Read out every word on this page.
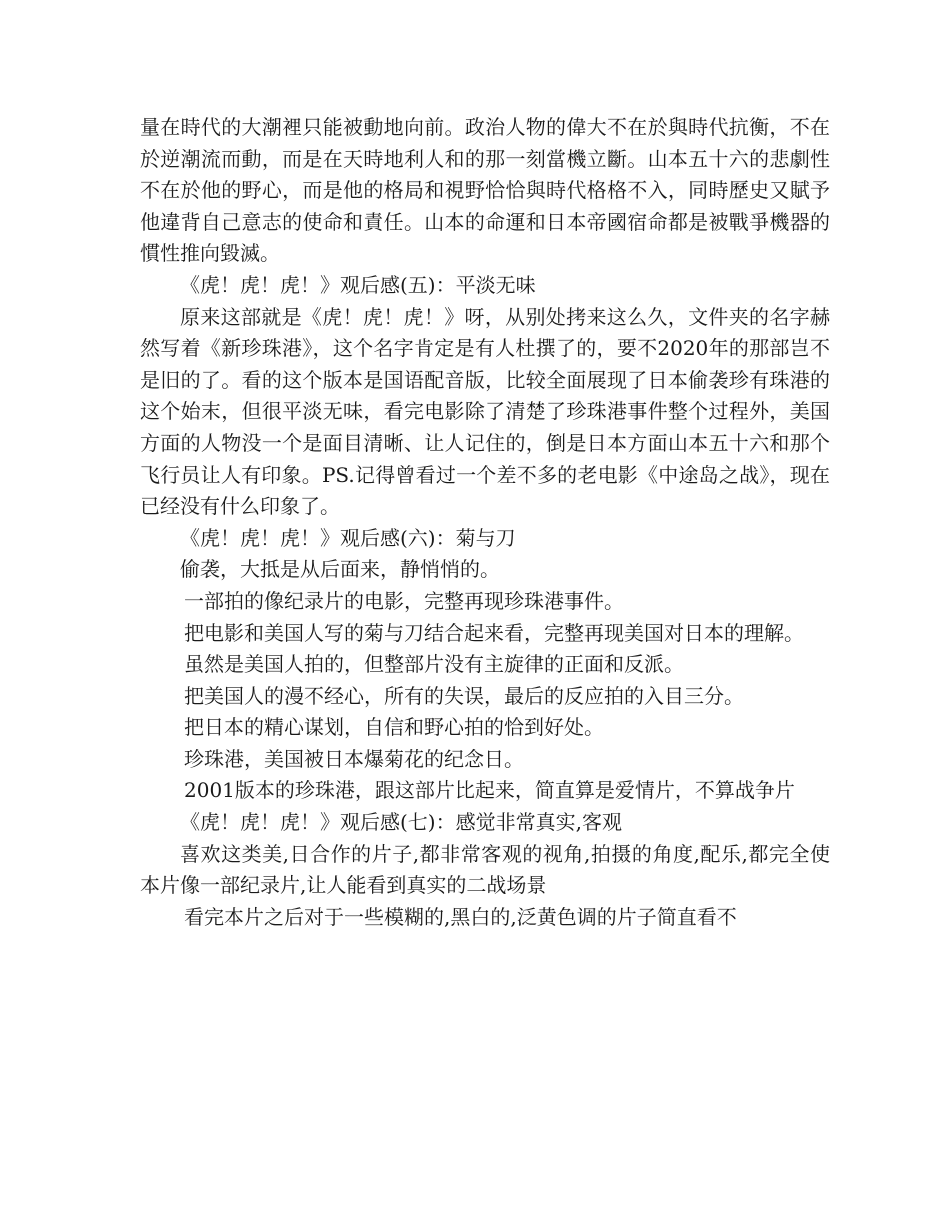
量在時代的大潮裡只能被動地向前。政治人物的偉大不在於與時代抗衡，不在於逆潮流而動，而是在天時地利人和的那一刻當機立斷。山本五十六的悲劇性不在於他的野心，而是他的格局和視野恰恰與時代格格不入，同時歷史又賦予他違背自己意志的使命和責任。山本的命運和日本帝國宿命都是被戰爭機器的慣性推向毀滅。

《虎！虎！虎！》观后感(五)：平淡无味

原来这部就是《虎！虎！虎！》呀，从别处拷来这么久，文件夹的名字赫然写着《新珍珠港》，这个名字肯定是有人杜撰了的，要不2020年的那部岂不是旧的了。看的这个版本是国语配音版，比较全面展现了日本偷袭珍有珠港的这个始末，但很平淡无味，看完电影除了清楚了珍珠港事件整个过程外，美国方面的人物没一个是面目清晰、让人记住的，倒是日本方面山本五十六和那个飞行员让人有印象。PS.记得曾看过一个差不多的老电影《中途岛之战》，现在已经没有什么印象了。

《虎！虎！虎！》观后感(六)：菊与刀

偷袭，大抵是从后面来，静悄悄的。

一部拍的像纪录片的电影，完整再现珍珠港事件。

把电影和美国人写的菊与刀结合起来看，完整再现美国对日本的理解。

虽然是美国人拍的，但整部片没有主旋律的正面和反派。

把美国人的漫不经心，所有的失误，最后的反应拍的入目三分。

把日本的精心谋划，自信和野心拍的恰到好处。

珍珠港，美国被日本爆菊花的纪念日。

2001版本的珍珠港，跟这部片比起来，简直算是爱情片，不算战争片

《虎！虎！虎！》观后感(七)：感觉非常真实,客观

喜欢这类美,日合作的片子,都非常客观的视角,拍摄的角度,配乐,都完全使本片像一部纪录片,让人能看到真实的二战场景

看完本片之后对于一些模糊的,黑白的,泛黄色调的片子简直看不
